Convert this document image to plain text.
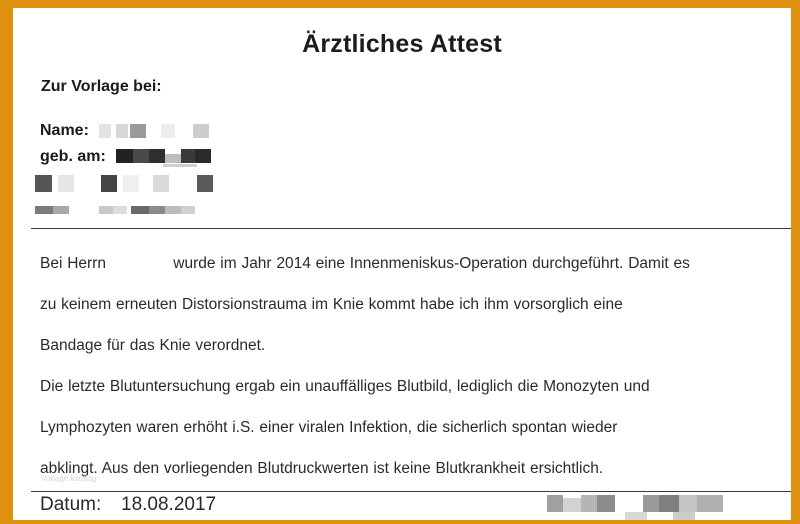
Ärztliches Attest
Zur Vorlage bei:
Name:
geb. am:

Bei Herrn              wurde im Jahr 2014 eine Innenmeniskus-Operation durchgeführt. Damit es

zu keinem erneuten Distorsionstrauma im Knie kommt habe ich ihm vorsorglich eine

Bandage für das Knie verordnet.

Die letzte Blutuntersuchung ergab ein unauffälliges Blutbild, lediglich die Monozyten und

Lymphozyten waren erhöht i.S. einer viralen Infektion, die sicherlich spontan wieder

abklingt. Aus den vorliegenden Blutdruckwerten ist keine Blutkrankheit ersichtlich.

Vorlage katalog
Datum: 18.08.2017
